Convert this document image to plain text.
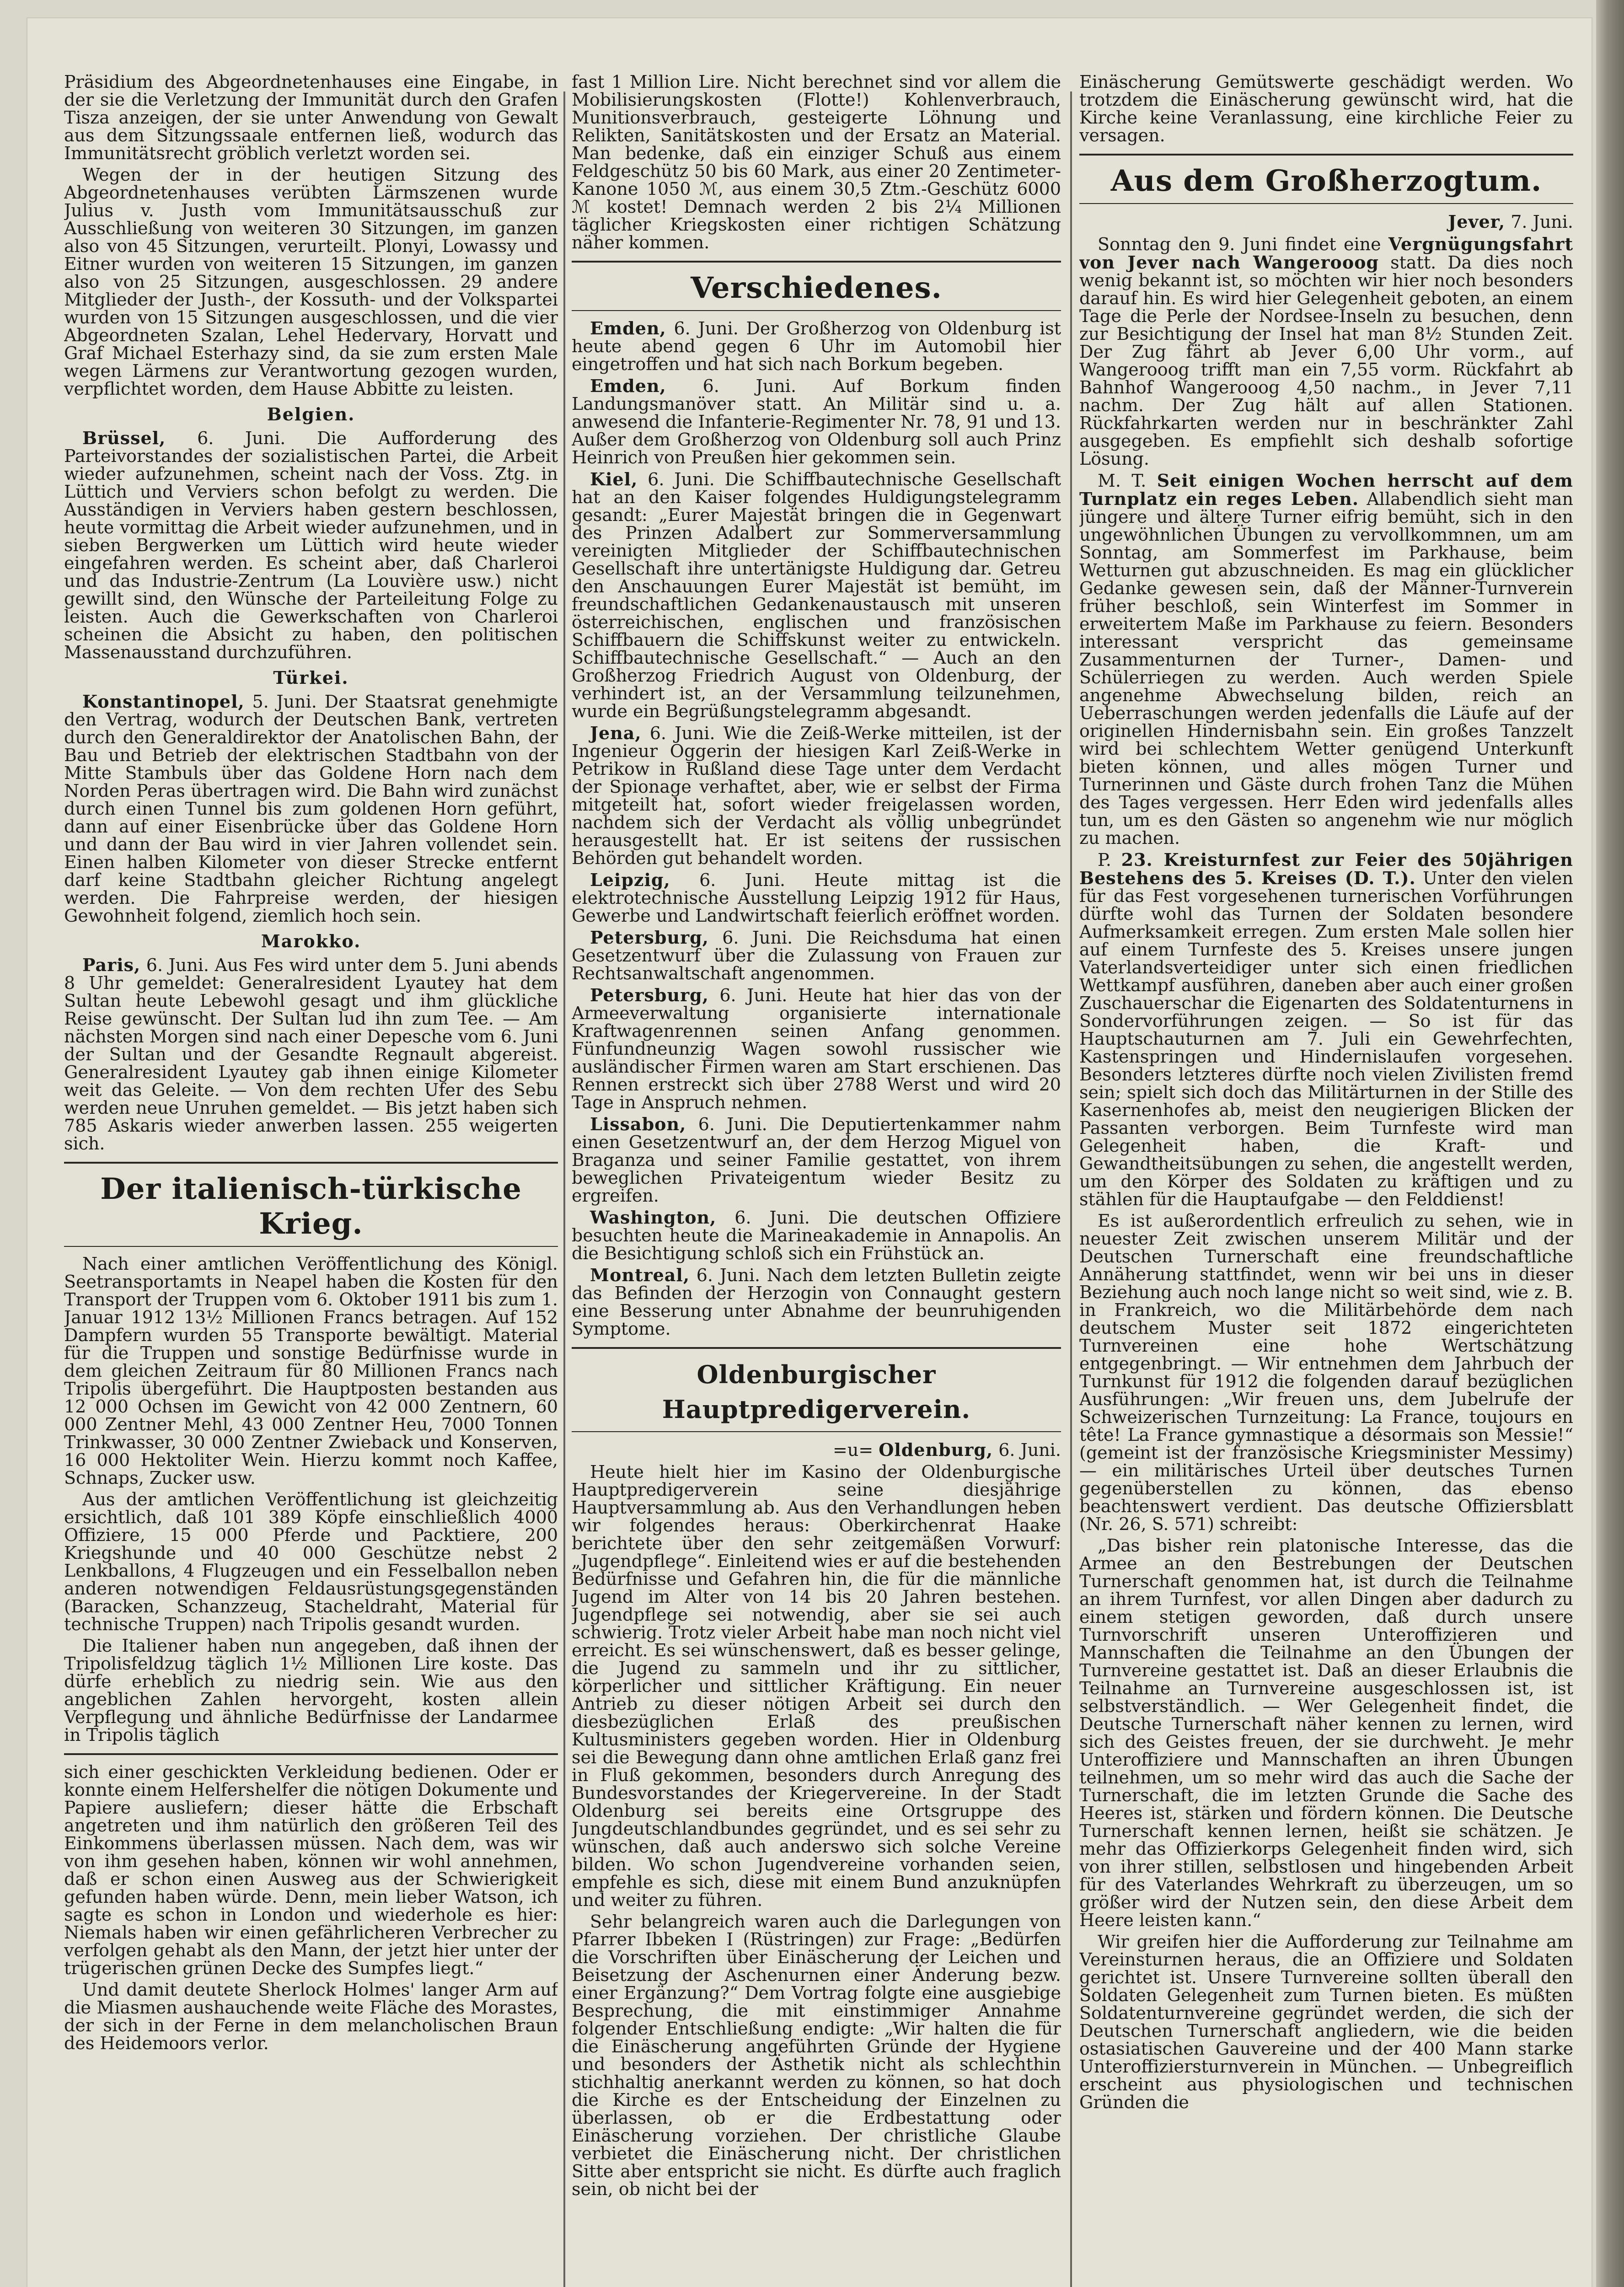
Präsidium des Abgeordnetenhauses eine Eingabe, in der sie die Verletzung der Immunität durch den Grafen Tisza anzeigen, der sie unter Anwendung von Gewalt aus dem Sitzungssaale entfernen ließ, wodurch das Immunitätsrecht gröblich verletzt worden sei.

Wegen der in der heutigen Sitzung des Abgeordnetenhauses verübten Lärmszenen wurde Julius v. Justh vom Immunitätsausschuß zur Ausschließung von weiteren 30 Sitzungen, im ganzen also von 45 Sitzungen, verurteilt. Plonyi, Lowassy und Eitner wurden von weiteren 15 Sitzungen, im ganzen also von 25 Sitzungen, ausgeschlossen. 29 andere Mitglieder der Justh-, der Kossuth- und der Volkspartei wurden von 15 Sitzungen ausgeschlossen, und die vier Abgeordneten Szalan, Lehel Hedervary, Horvatt und Graf Michael Esterhazy sind, da sie zum ersten Male wegen Lärmens zur Verantwortung gezogen wurden, verpflichtet worden, dem Hause Abbitte zu leisten.

Belgien.

Brüssel, 6. Juni. Die Aufforderung des Parteivorstandes der sozialistischen Partei, die Arbeit wieder aufzunehmen, scheint nach der Voss. Ztg. in Lüttich und Verviers schon befolgt zu werden. Die Ausständigen in Verviers haben gestern beschlossen, heute vormittag die Arbeit wieder aufzunehmen, und in sieben Bergwerken um Lüttich wird heute wieder eingefahren werden. Es scheint aber, daß Charleroi und das Industrie-Zentrum (La Louvière usw.) nicht gewillt sind, den Wünsche der Parteileitung Folge zu leisten. Auch die Gewerkschaften von Charleroi scheinen die Absicht zu haben, den politischen Massenausstand durchzuführen.

Türkei.

Konstantinopel, 5. Juni. Der Staatsrat genehmigte den Vertrag, wodurch der Deutschen Bank, vertreten durch den Generaldirektor der Anatolischen Bahn, der Bau und Betrieb der elektrischen Stadtbahn von der Mitte Stambuls über das Goldene Horn nach dem Norden Peras übertragen wird. Die Bahn wird zunächst durch einen Tunnel bis zum goldenen Horn geführt, dann auf einer Eisenbrücke über das Goldene Horn und dann der Bau wird in vier Jahren vollendet sein. Einen halben Kilometer von dieser Strecke entfernt darf keine Stadtbahn gleicher Richtung angelegt werden. Die Fahrpreise werden, der hiesigen Gewohnheit folgend, ziemlich hoch sein.

Marokko.

Paris, 6. Juni. Aus Fes wird unter dem 5. Juni abends 8 Uhr gemeldet: Generalresident Lyautey hat dem Sultan heute Lebewohl gesagt und ihm glückliche Reise gewünscht. Der Sultan lud ihn zum Tee. — Am nächsten Morgen sind nach einer Depesche vom 6. Juni der Sultan und der Gesandte Regnault abgereist. Generalresident Lyautey gab ihnen einige Kilometer weit das Geleite. — Von dem rechten Ufer des Sebu werden neue Unruhen gemeldet. — Bis jetzt haben sich 785 Askaris wieder anwerben lassen. 255 weigerten sich.

Der italienisch-türkische Krieg.

Nach einer amtlichen Veröffentlichung des Königl. Seetransportamts in Neapel haben die Kosten für den Transport der Truppen vom 6. Oktober 1911 bis zum 1. Januar 1912 13½ Millionen Francs betragen. Auf 152 Dampfern wurden 55 Transporte bewältigt. Material für die Truppen und sonstige Bedürfnisse wurde in dem gleichen Zeitraum für 80 Millionen Francs nach Tripolis übergeführt. Die Hauptposten bestanden aus 12 000 Ochsen im Gewicht von 42 000 Zentnern, 60 000 Zentner Mehl, 43 000 Zentner Heu, 7000 Tonnen Trinkwasser, 30 000 Zentner Zwieback und Konserven, 16 000 Hektoliter Wein. Hierzu kommt noch Kaffee, Schnaps, Zucker usw.

Aus der amtlichen Veröffentlichung ist gleichzeitig ersichtlich, daß 101 389 Köpfe einschließlich 4000 Offiziere, 15 000 Pferde und Packtiere, 200 Kriegshunde und 40 000 Geschütze nebst 2 Lenkballons, 4 Flugzeugen und ein Fesselballon neben anderen notwendigen Feldausrüstungsgegenständen (Baracken, Schanzzeug, Stacheldraht, Material für technische Truppen) nach Tripolis gesandt wurden.

Die Italiener haben nun angegeben, daß ihnen der Tripolisfeldzug täglich 1½ Millionen Lire koste. Das dürfe erheblich zu niedrig sein. Wie aus den angeblichen Zahlen hervorgeht, kosten allein Verpflegung und ähnliche Bedürfnisse der Landarmee in Tripolis täglich

sich einer geschickten Verkleidung bedienen. Oder er konnte einem Helfershelfer die nötigen Dokumente und Papiere ausliefern; dieser hätte die Erbschaft angetreten und ihm natürlich den größeren Teil des Einkommens überlassen müssen. Nach dem, was wir von ihm gesehen haben, können wir wohl annehmen, daß er schon einen Ausweg aus der Schwierigkeit gefunden haben würde. Denn, mein lieber Watson, ich sagte es schon in London und wiederhole es hier: Niemals haben wir einen gefährlicheren Verbrecher zu verfolgen gehabt als den Mann, der jetzt hier unter der trügerischen grünen Decke des Sumpfes liegt.“

Und damit deutete Sherlock Holmes' langer Arm auf die Miasmen aushauchende weite Fläche des Morastes, der sich in der Ferne in dem melancholischen Braun des Heidemoors verlor.

fast 1 Million Lire. Nicht berechnet sind vor allem die Mobilisierungskosten (Flotte!) Kohlenverbrauch, Munitionsverbrauch, gesteigerte Löhnung und Relikten, Sanitätskosten und der Ersatz an Material. Man bedenke, daß ein einziger Schuß aus einem Feldgeschütz 50 bis 60 Mark, aus einer 20 Zentimeter-Kanone 1050 ℳ, aus einem 30,5 Ztm.-Geschütz 6000 ℳ kostet! Demnach werden 2 bis 2¼ Millionen täglicher Kriegskosten einer richtigen Schätzung näher kommen.

Verschiedenes.

Emden, 6. Juni. Der Großherzog von Oldenburg ist heute abend gegen 6 Uhr im Automobil hier eingetroffen und hat sich nach Borkum begeben.

Emden, 6. Juni. Auf Borkum finden Landungsmanöver statt. An Militär sind u. a. anwesend die Infanterie-Regimenter Nr. 78, 91 und 13. Außer dem Großherzog von Oldenburg soll auch Prinz Heinrich von Preußen hier gekommen sein.

Kiel, 6. Juni. Die Schiffbautechnische Gesellschaft hat an den Kaiser folgendes Huldigungstelegramm gesandt: „Eurer Majestät bringen die in Gegenwart des Prinzen Adalbert zur Sommerversammlung vereinigten Mitglieder der Schiffbautechnischen Gesellschaft ihre untertänigste Huldigung dar. Getreu den Anschauungen Eurer Majestät ist bemüht, im freundschaftlichen Gedankenaustausch mit unseren österreichischen, englischen und französischen Schiffbauern die Schiffskunst weiter zu entwickeln. Schiffbautechnische Gesellschaft.“ — Auch an den Großherzog Friedrich August von Oldenburg, der verhindert ist, an der Versammlung teilzunehmen, wurde ein Begrüßungstelegramm abgesandt.

Jena, 6. Juni. Wie die Zeiß-Werke mitteilen, ist der Ingenieur Oggerin der hiesigen Karl Zeiß-Werke in Petrikow in Rußland diese Tage unter dem Verdacht der Spionage verhaftet, aber, wie er selbst der Firma mitgeteilt hat, sofort wieder freigelassen worden, nachdem sich der Verdacht als völlig unbegründet herausgestellt hat. Er ist seitens der russischen Behörden gut behandelt worden.

Leipzig, 6. Juni. Heute mittag ist die elektrotechnische Ausstellung Leipzig 1912 für Haus, Gewerbe und Landwirtschaft feierlich eröffnet worden.

Petersburg, 6. Juni. Die Reichsduma hat einen Gesetzentwurf über die Zulassung von Frauen zur Rechtsanwaltschaft angenommen.

Petersburg, 6. Juni. Heute hat hier das von der Armeeverwaltung organisierte internationale Kraftwagenrennen seinen Anfang genommen. Fünfundneunzig Wagen sowohl russischer wie ausländischer Firmen waren am Start erschienen. Das Rennen erstreckt sich über 2788 Werst und wird 20 Tage in Anspruch nehmen.

Lissabon, 6. Juni. Die Deputiertenkammer nahm einen Gesetzentwurf an, der dem Herzog Miguel von Braganza und seiner Familie gestattet, von ihrem beweglichen Privateigentum wieder Besitz zu ergreifen.

Washington, 6. Juni. Die deutschen Offiziere besuchten heute die Marineakademie in Annapolis. An die Besichtigung schloß sich ein Frühstück an.

Montreal, 6. Juni. Nach dem letzten Bulletin zeigte das Befinden der Herzogin von Connaught gestern eine Besserung unter Abnahme der beunruhigenden Symptome.

Oldenburgischer Hauptpredigerverein.
=u= Oldenburg, 6. Juni.

Heute hielt hier im Kasino der Oldenburgische Hauptpredigerverein seine diesjährige Hauptversammlung ab. Aus den Verhandlungen heben wir folgendes heraus: Oberkirchenrat Haake berichtete über den sehr zeitgemäßen Vorwurf: „Jugendpflege“. Einleitend wies er auf die bestehenden Bedürfnisse und Gefahren hin, die für die männliche Jugend im Alter von 14 bis 20 Jahren bestehen. Jugendpflege sei notwendig, aber sie sei auch schwierig. Trotz vieler Arbeit habe man noch nicht viel erreicht. Es sei wünschenswert, daß es besser gelinge, die Jugend zu sammeln und ihr zu sittlicher, körperlicher und sittlicher Kräftigung. Ein neuer Antrieb zu dieser nötigen Arbeit sei durch den diesbezüglichen Erlaß des preußischen Kultusministers gegeben worden. Hier in Oldenburg sei die Bewegung dann ohne amtlichen Erlaß ganz frei in Fluß gekommen, besonders durch Anregung des Bundesvorstandes der Kriegervereine. In der Stadt Oldenburg sei bereits eine Ortsgruppe des Jungdeutschlandbundes gegründet, und es sei sehr zu wünschen, daß auch anderswo sich solche Vereine bilden. Wo schon Jugendvereine vorhanden seien, empfehle es sich, diese mit einem Bund anzuknüpfen und weiter zu führen.

Sehr belangreich waren auch die Darlegungen von Pfarrer Ibbeken I (Rüstringen) zur Frage: „Bedürfen die Vorschriften über Einäscherung der Leichen und Beisetzung der Aschenurnen einer Änderung bezw. einer Ergänzung?“ Dem Vortrag folgte eine ausgiebige Besprechung, die mit einstimmiger Annahme folgender Entschließung endigte: „Wir halten die für die Einäscherung angeführten Gründe der Hygiene und besonders der Ästhetik nicht als schlechthin stichhaltig anerkannt werden zu können, so hat doch die Kirche es der Entscheidung der Einzelnen zu überlassen, ob er die Erdbestattung oder Einäscherung vorziehen. Der christliche Glaube verbietet die Einäscherung nicht. Der christlichen Sitte aber entspricht sie nicht. Es dürfte auch fraglich sein, ob nicht bei der

Einäscherung Gemütswerte geschädigt werden. Wo trotzdem die Einäscherung gewünscht wird, hat die Kirche keine Veranlassung, eine kirchliche Feier zu versagen.

Aus dem Großherzogtum.
Jever, 7. Juni.

Sonntag den 9. Juni findet eine Vergnügungsfahrt von Jever nach Wangerooog statt. Da dies noch wenig bekannt ist, so möchten wir hier noch besonders darauf hin. Es wird hier Gelegenheit geboten, an einem Tage die Perle der Nordsee-Inseln zu besuchen, denn zur Besichtigung der Insel hat man 8½ Stunden Zeit. Der Zug fährt ab Jever 6,00 Uhr vorm., auf Wangerooog trifft man ein 7,55 vorm. Rückfahrt ab Bahnhof Wangerooog 4,50 nachm., in Jever 7,11 nachm. Der Zug hält auf allen Stationen. Rückfahrkarten werden nur in beschränkter Zahl ausgegeben. Es empfiehlt sich deshalb sofortige Lösung.

M. T. Seit einigen Wochen herrscht auf dem Turnplatz ein reges Leben. Allabendlich sieht man jüngere und ältere Turner eifrig bemüht, sich in den ungewöhnlichen Übungen zu vervollkommnen, um am Sonntag, am Sommerfest im Parkhause, beim Wetturnen gut abzuschneiden. Es mag ein glücklicher Gedanke gewesen sein, daß der Männer-Turnverein früher beschloß, sein Winterfest im Sommer in erweitertem Maße im Parkhause zu feiern. Besonders interessant verspricht das gemeinsame Zusammenturnen der Turner-, Damen- und Schülerriegen zu werden. Auch werden Spiele angenehme Abwechselung bilden, reich an Ueberraschungen werden jedenfalls die Läufe auf der originellen Hindernisbahn sein. Ein großes Tanzzelt wird bei schlechtem Wetter genügend Unterkunft bieten können, und alles mögen Turner und Turnerinnen und Gäste durch frohen Tanz die Mühen des Tages vergessen. Herr Eden wird jedenfalls alles tun, um es den Gästen so angenehm wie nur möglich zu machen.

P. 23. Kreisturnfest zur Feier des 50jährigen Bestehens des 5. Kreises (D. T.). Unter den vielen für das Fest vorgesehenen turnerischen Vorführungen dürfte wohl das Turnen der Soldaten besondere Aufmerksamkeit erregen. Zum ersten Male sollen hier auf einem Turnfeste des 5. Kreises unsere jungen Vaterlandsverteidiger unter sich einen friedlichen Wettkampf ausführen, daneben aber auch einer großen Zuschauerschar die Eigenarten des Soldatenturnens in Sondervorführungen zeigen. — So ist für das Hauptschauturnen am 7. Juli ein Gewehrfechten, Kastenspringen und Hindernislaufen vorgesehen. Besonders letzteres dürfte noch vielen Zivilisten fremd sein; spielt sich doch das Militärturnen in der Stille des Kasernenhofes ab, meist den neugierigen Blicken der Passanten verborgen. Beim Turnfeste wird man Gelegenheit haben, die Kraft- und Gewandtheitsübungen zu sehen, die angestellt werden, um den Körper des Soldaten zu kräftigen und zu stählen für die Hauptaufgabe — den Felddienst!

Es ist außerordentlich erfreulich zu sehen, wie in neuester Zeit zwischen unserem Militär und der Deutschen Turnerschaft eine freundschaftliche Annäherung stattfindet, wenn wir bei uns in dieser Beziehung auch noch lange nicht so weit sind, wie z. B. in Frankreich, wo die Militärbehörde dem nach deutschem Muster seit 1872 eingerichteten Turnvereinen eine hohe Wertschätzung entgegenbringt. — Wir entnehmen dem Jahrbuch der Turnkunst für 1912 die folgenden darauf bezüglichen Ausführungen: „Wir freuen uns, dem Jubelrufe der Schweizerischen Turnzeitung: La France, toujours en tête! La France gymnastique a désormais son Messie!“ (gemeint ist der französische Kriegsminister Messimy) — ein militärisches Urteil über deutsches Turnen gegenüberstellen zu können, das ebenso beachtenswert verdient. Das deutsche Offiziersblatt (Nr. 26, S. 571) schreibt:

„Das bisher rein platonische Interesse, das die Armee an den Bestrebungen der Deutschen Turnerschaft genommen hat, ist durch die Teilnahme an ihrem Turnfest, vor allen Dingen aber dadurch zu einem stetigen geworden, daß durch unsere Turnvorschrift unseren Unteroffizieren und Mannschaften die Teilnahme an den Übungen der Turnvereine gestattet ist. Daß an dieser Erlaubnis die Teilnahme an Turnvereine ausgeschlossen ist, ist selbstverständlich. — Wer Gelegenheit findet, die Deutsche Turnerschaft näher kennen zu lernen, wird sich des Geistes freuen, der sie durchweht. Je mehr Unteroffiziere und Mannschaften an ihren Übungen teilnehmen, um so mehr wird das auch die Sache der Turnerschaft, die im letzten Grunde die Sache des Heeres ist, stärken und fördern können. Die Deutsche Turnerschaft kennen lernen, heißt sie schätzen. Je mehr das Offizierkorps Gelegenheit finden wird, sich von ihrer stillen, selbstlosen und hingebenden Arbeit für des Vaterlandes Wehrkraft zu überzeugen, um so größer wird der Nutzen sein, den diese Arbeit dem Heere leisten kann.“

Wir greifen hier die Aufforderung zur Teilnahme am Vereinsturnen heraus, die an Offiziere und Soldaten gerichtet ist. Unsere Turnvereine sollten überall den Soldaten Gelegenheit zum Turnen bieten. Es müßten Soldatenturnvereine gegründet werden, die sich der Deutschen Turnerschaft angliedern, wie die beiden ostasiatischen Gauvereine und der 400 Mann starke Unteroffiziersturnverein in München. — Unbegreiflich erscheint aus physiologischen und technischen Gründen die
